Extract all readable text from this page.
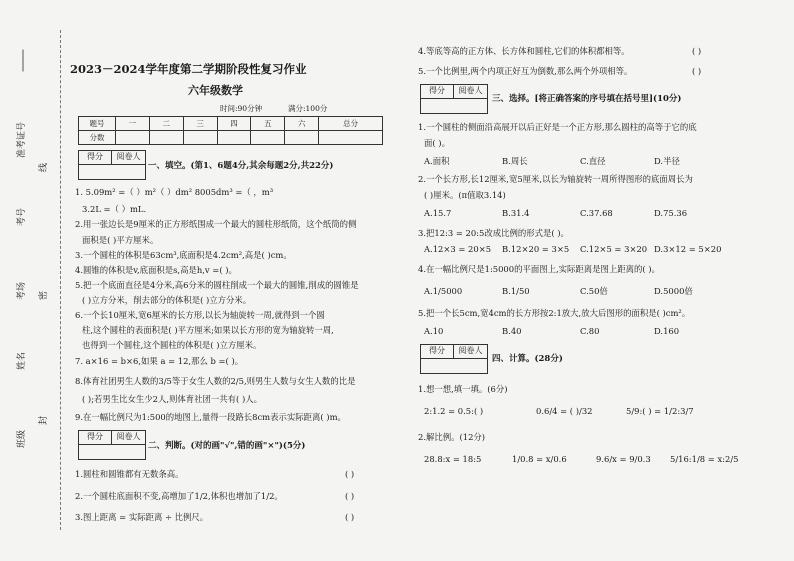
准考证号
线
考号
考场	密
姓名
班级
封
2023－2024学年度第二学期阶段性复习作业
六年级数学
时间:90分钟	满分:100分
题号	一	二	三	四	五	六	总分
分数							
得分	阅卷人
一、填空。(第1、6题4分,其余每题2分,共22分)
1. 5.09m² =（ ）m²（ ）dm² 8005dm³ =（ ，m³
3.2L =（ ）mL.
2.用一张边长是9厘米的正方形纸围成一个最大的圆柱形纸筒，这个纸筒的侧
面积是( )平方厘米。
3.一个圆柱的体积是63cm³,底面积是4.2cm²,高是( )cm。
4.圆锥的体积是v,底面积是s,高是h,v =( )。
5.把一个底面直径是4分米,高6分米的圆柱削成一个最大的圆锥,削成的圆锥是
( )立方分米，削去部分的体积是( )立方分米。
6.一个长10厘米,宽6厘米的长方形,以长为轴旋转一周,就得到一个圆
柱,这个圆柱的表面积是( )平方厘米;如果以长方形的宽为轴旋转一周,
也得到一个圆柱,这个圆柱的体积是( )立方厘米。
7. a×16 = b×6,如果 a = 12,那么 b =( )。
8.体育社团男生人数的3/5等于女生人数的2/5,则男生人数与女生人数的比是
( );若男生比女生少2人,则体育社团一共有( )人。
9.在一幅比例尺为1:500的地图上,量得一段路长8cm表示实际距离( )m。
得分	阅卷人
二、判断。(对的画"√",错的画"×")(5分)
1.圆柱和圆锥都有无数条高。	( )
2.一个圆柱底面积不变,高增加了1/2,体积也增加了1/2。	( )
3.图上距离 = 实际距离 ÷ 比例尺。	( )
4.等底等高的正方体、长方体和圆柱,它们的体积都相等。	( )
5.一个比例里,两个内项正好互为倒数,那么两个外项相等。	( )
得分	阅卷人
三、选择。[将正确答案的序号填在括号里](10分)
1.一个圆柱的侧面沿高展开以后正好是一个正方形,那么圆柱的高等于它的底
面( )。
A.面积	B.周长	C.直径	D.半径
2.一个长方形,长12厘米,宽5厘米,以长为轴旋转一周所得图形的底面周长为
( )厘米。(π值取3.14)
A.15.7	B.31.4	C.37.68	D.75.36
3.把12:3 = 20:5改成比例的形式是( )。
A.12×3 = 20×5 B.12×20 = 3×5 C.12×5 = 3×20 D.3×12 = 5×20
4.在一幅比例尺是1:5000的平面图上,实际距离是图上距离的( )。
A.1/5000	B.1/50	C.50倍	D.5000倍
5.把一个长5cm,宽4cm的长方形按2:1放大,放大后图形的面积是( )cm²。
A.10	B.40	C.80	D.160
得分	阅卷人
四、计算。(28分)
1.想一想,填一填。(6分)
2:1.2 = 0.5:( )	0.6/4 = ( )/32	5/9:( ) = 1/2:3/7
2.解比例。(12分)
28.8:x = 18:5	1/0.8 = x/0.6	9.6/x = 9/0.3 5/16:1/8 = x:2/5
